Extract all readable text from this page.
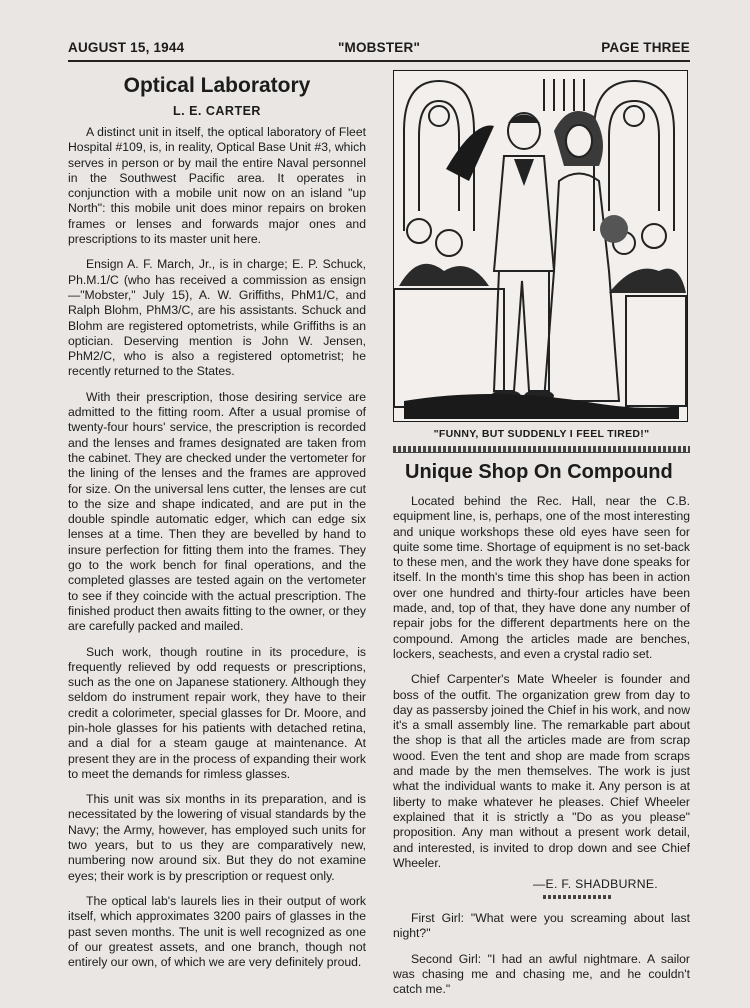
AUGUST 15, 1944	"MOBSTER"	PAGE THREE
Optical Laboratory
L. E. CARTER

A distinct unit in itself, the optical laboratory of Fleet Hospital #109, is, in reality, Optical Base Unit #3, which serves in person or by mail the entire Naval personnel in the Southwest Pacific area. It operates in conjunction with a mobile unit now on an island "up North": this mobile unit does minor repairs on broken frames or lenses and forwards major ones and prescriptions to its master unit here.

Ensign A. F. March, Jr., is in charge; E. P. Schuck, Ph.M.1/C (who has received a commission as ensign—"Mobster," July 15), A. W. Griffiths, PhM1/C, and Ralph Blohm, PhM3/C, are his assistants. Schuck and Blohm are registered optometrists, while Griffiths is an optician. Deserving mention is John W. Jensen, PhM2/C, who is also a registered optometrist; he recently returned to the States.

With their prescription, those desiring service are admitted to the fitting room. After a usual promise of twenty-four hours' service, the prescription is recorded and the lenses and frames designated are taken from the cabinet. They are checked under the vertometer for the lining of the lenses and the frames are approved for size. On the universal lens cutter, the lenses are cut to the size and shape indicated, and are put in the double spindle automatic edger, which can edge six lenses at a time. Then they are bevelled by hand to insure perfection for fitting them into the frames. They go to the work bench for final operations, and the completed glasses are tested again on the vertometer to see if they coincide with the actual prescription. The finished product then awaits fitting to the owner, or they are carefully packed and mailed.

Such work, though routine in its procedure, is frequently relieved by odd requests or prescriptions, such as the one on Japanese stationery. Although they seldom do instrument repair work, they have to their credit a colorimeter, special glasses for Dr. Moore, and pin-hole glasses for his patients with detached retina, and a dial for a steam gauge at maintenance. At present they are in the process of expanding their work to meet the demands for rimless glasses.

This unit was six months in its preparation, and is necessitated by the lowering of visual standards by the Navy; the Army, however, has employed such units for two years, but to us they are comparatively new, numbering now around six. But they do not examine eyes; their work is by prescription or request only.

The optical lab's laurels lies in their output of work itself, which approximates 3200 pairs of glasses in the past seven months. The unit is well recognized as one of our greatest assets, and one branch, though not entirely our own, of which we are very definitely proud.

"FUNNY, BUT SUDDENLY I FEEL TIRED!"
Unique Shop On Compound

Located behind the Rec. Hall, near the C.B. equipment line, is, perhaps, one of the most interesting and unique workshops these old eyes have seen for quite some time. Shortage of equipment is no set-back to these men, and the work they have done speaks for itself. In the month's time this shop has been in action over one hundred and thirty-four articles have been made, and, top of that, they have done any number of repair jobs for the different departments here on the compound. Among the articles made are benches, lockers, seachests, and even a crystal radio set.

Chief Carpenter's Mate Wheeler is founder and boss of the outfit. The organization grew from day to day as passersby joined the Chief in his work, and now it's a small assembly line. The remarkable part about the shop is that all the articles made are from scrap wood. Even the tent and shop are made from scraps and made by the men themselves. The work is just what the individual wants to make it. Any person is at liberty to make whatever he pleases. Chief Wheeler explained that it is strictly a "Do as you please" proposition. Any man without a present work detail, and interested, is invited to drop down and see Chief Wheeler.

—E. F. SHADBURNE.

First Girl: "What were you screaming about last night?"

Second Girl: "I had an awful nightmare. A sailor was chasing me and chasing me, and he couldn't catch me."
